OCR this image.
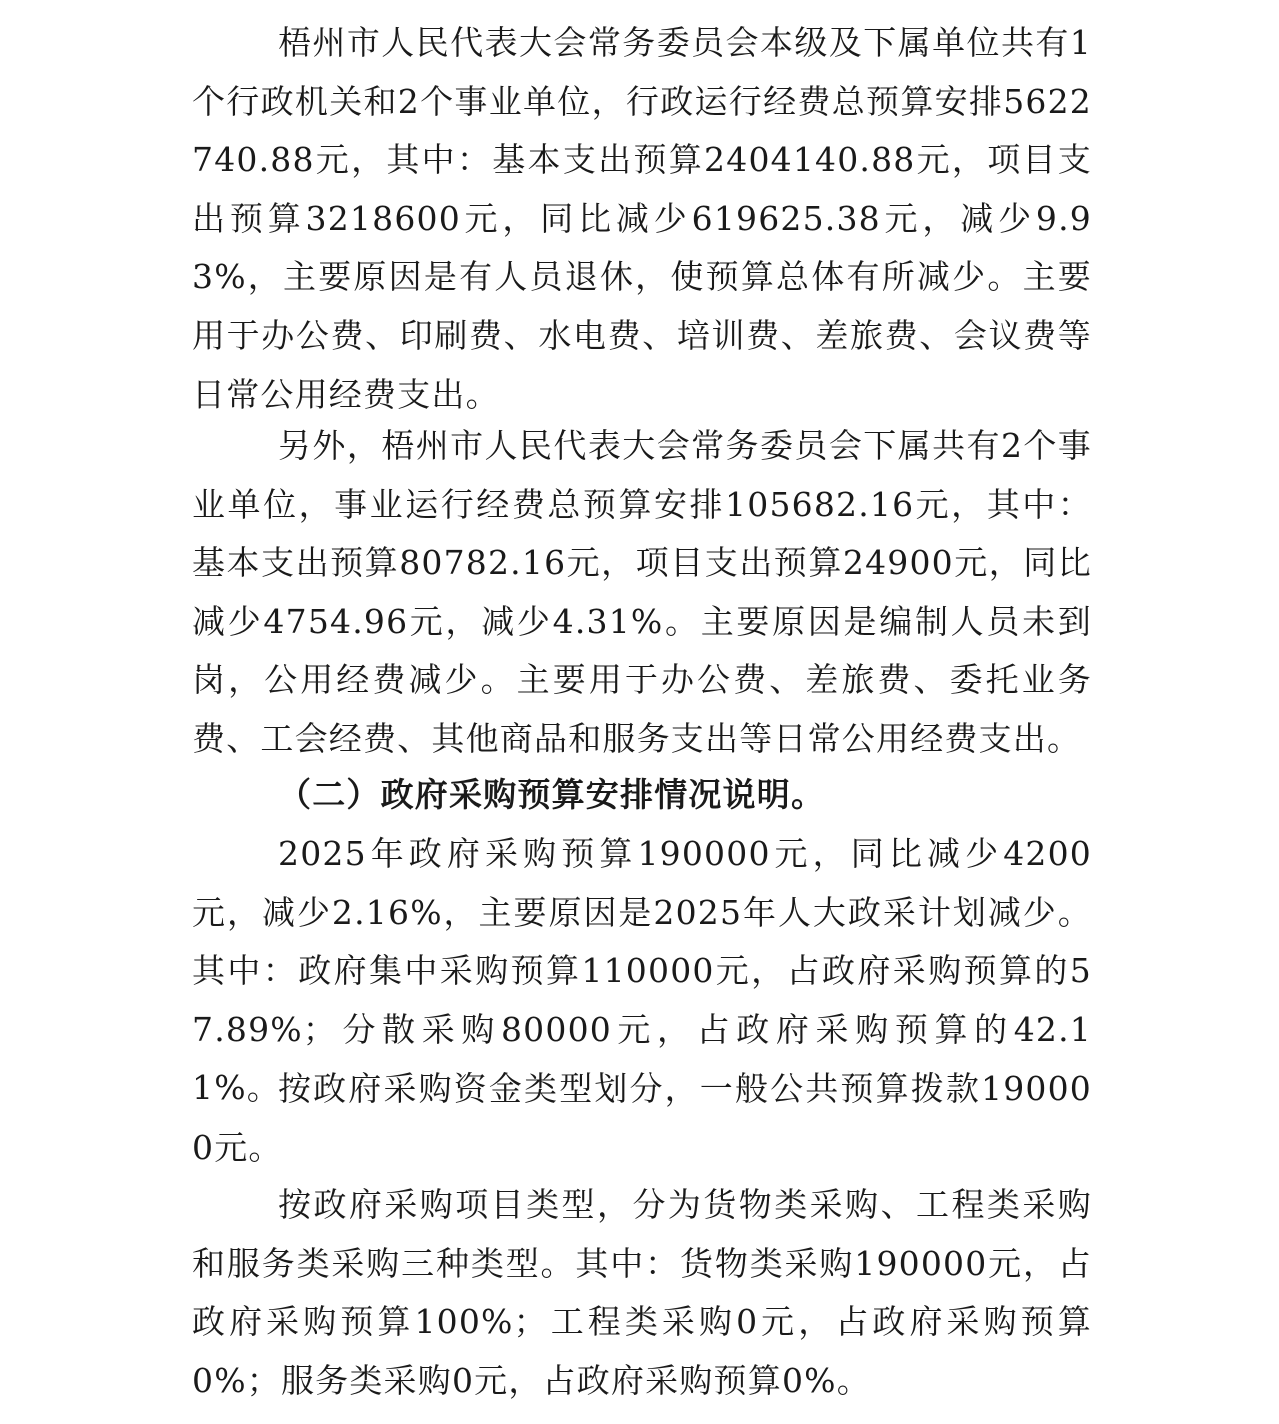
梧州市人民代表大会常务委员会本级及下属单位共有1个行政机关和2个事业单位，行政运行经费总预算安排5622740.88元，其中：基本支出预算2404140.88元，项目支出预算3218600元，同比减少619625.38元，减少9.93%，主要原因是有人员退休，使预算总体有所减少。主要用于办公费、印刷费、水电费、培训费、差旅费、会议费等日常公用经费支出。

另外，梧州市人民代表大会常务委员会下属共有2个事业单位，事业运行经费总预算安排105682.16元，其中：基本支出预算80782.16元，项目支出预算24900元，同比减少4754.96元，减少4.31%。主要原因是编制人员未到岗，公用经费减少。主要用于办公费、差旅费、委托业务费、工会经费、其他商品和服务支出等日常公用经费支出。

（二）政府采购预算安排情况说明。

2025年政府采购预算190000元，同比减少4200元，减少2.16%，主要原因是2025年人大政采计划减少。其中：政府集中采购预算110000元，占政府采购预算的57.89%；分散采购80000元，占政府采购预算的42.11%。

按政府采购资金类型划分，一般公共预算拨款190000元。

按政府采购项目类型，分为货物类采购、工程类采购和服务类采购三种类型。其中：货物类采购190000元，占政府采购预算100%；工程类采购0元，占政府采购预算0%；服务类采购0元，占政府采购预算0%。
